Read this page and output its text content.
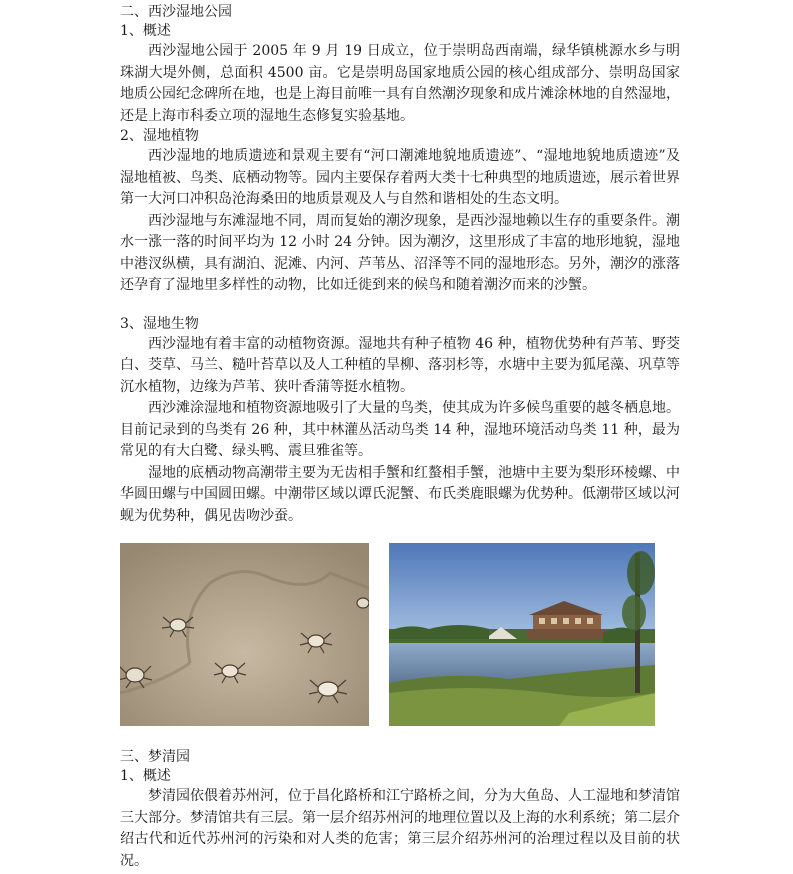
二、西沙湿地公园

1、概述

西沙湿地公园于 2005 年 9 月 19 日成立，位于崇明岛西南端，绿华镇桃源水乡与明珠湖大堤外侧，总面积 4500 亩。它是崇明岛国家地质公园的核心组成部分、崇明岛国家地质公园纪念碑所在地，也是上海目前唯一具有自然潮汐现象和成片滩涂林地的自然湿地，还是上海市科委立项的湿地生态修复实验基地。

2、湿地植物

西沙湿地的地质遗迹和景观主要有“河口潮滩地貌地质遗迹”、“湿地地貌地质遗迹”及湿地植被、鸟类、底栖动物等。园内主要保存着两大类十七种典型的地质遗迹，展示着世界第一大河口冲积岛沧海桑田的地质景观及人与自然和谐相处的生态文明。

西沙湿地与东滩湿地不同，周而复始的潮汐现象，是西沙湿地赖以生存的重要条件。潮水一涨一落的时间平均为 12 小时 24 分钟。因为潮汐，这里形成了丰富的地形地貌，湿地中港汊纵横，具有湖泊、泥滩、内河、芦苇丛、沼泽等不同的湿地形态。另外，潮汐的涨落还孕育了湿地里多样性的动物，比如迁徙到来的候鸟和随着潮汐而来的沙蟹。

3、湿地生物

西沙湿地有着丰富的动植物资源。湿地共有种子植物 46 种，植物优势种有芦苇、野茭白、茭草、马兰、糙叶苔草以及人工种植的旱柳、落羽杉等，水塘中主要为狐尾藻、巩草等沉水植物，边缘为芦苇、狭叶香蒲等挺水植物。

西沙滩涂湿地和植物资源地吸引了大量的鸟类，使其成为许多候鸟重要的越冬栖息地。目前记录到的鸟类有 26 种，其中林灌丛活动鸟类 14 种，湿地环境活动鸟类 11 种，最为常见的有大白鹭、绿头鸭、震旦雅雀等。

湿地的底栖动物高潮带主要为无齿相手蟹和红螯相手蟹，池塘中主要为梨形环棱螺、中华圆田螺与中国圆田螺。中潮带区域以谭氏泥蟹、布氏类鹿眼螺为优势种。低潮带区域以河蚬为优势种，偶见齿吻沙蚕。

三、梦清园

1、概述

梦清园依偎着苏州河，位于昌化路桥和江宁路桥之间，分为大鱼岛、人工湿地和梦清馆三大部分。梦清馆共有三层。第一层介绍苏州河的地理位置以及上海的水利系统；第二层介绍古代和近代苏州河的污染和对人类的危害；第三层介绍苏州河的治理过程以及目前的状况。
